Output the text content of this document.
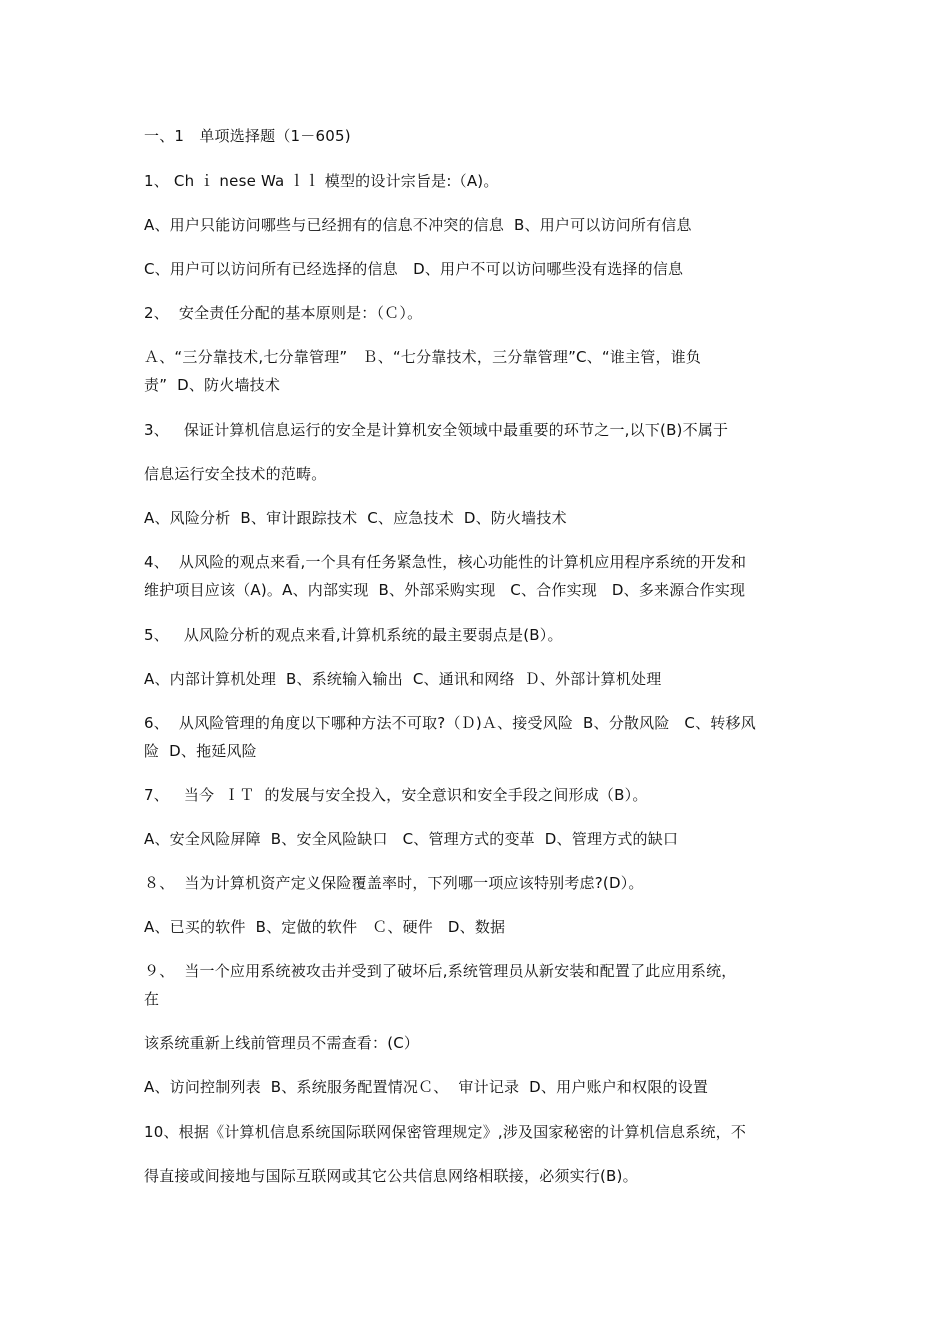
一、1　单项选择题（1－605)
1、 Ch ｉ nese Wa ｌｌ 模型的设计宗旨是:（A)。
A、用户只能访问哪些与已经拥有的信息不冲突的信息  B、用户可以访问所有信息
C、用户可以访问所有已经选择的信息　D、用户不可以访问哪些没有选择的信息
2、  安全责任分配的基本原则是：（Ｃ）。
Ａ、“三分靠技术,七分靠管理”　Ｂ、“七分靠技术，三分靠管理”C、“谁主管，谁负
责”  D、防火墙技术
3、   保证计算机信息运行的安全是计算机安全领域中最重要的环节之一,以下(B)不属于
信息运行安全技术的范畴。
A、风险分析  B、审计跟踪技术  C、应急技术  D、防火墙技术
4、  从风险的观点来看,一个具有任务紧急性，核心功能性的计算机应用程序系统的开发和
维护项目应该（A)。A、内部实现  B、外部采购实现   C、合作实现   D、多来源合作实现
5、   从风险分析的观点来看,计算机系统的最主要弱点是(B）。
A、内部计算机处理  B、系统输入输出  C、通讯和网络  Ｄ、外部计算机处理
6、  从风险管理的角度以下哪种方法不可取?（Ｄ)Ａ、接受风险  B、分散风险   C、转移风
险  D、拖延风险
7、   当今  ＩＴ  的发展与安全投入，安全意识和安全手段之间形成（B）。
A、安全风险屏障  B、安全风险缺口   C、管理方式的变革  D、管理方式的缺口
８、  当为计算机资产定义保险覆盖率时，下列哪一项应该特别考虑?(D）。
A、已买的软件  B、定做的软件   Ｃ、硬件   D、数据
９、  当一个应用系统被攻击并受到了破坏后,系统管理员从新安装和配置了此应用系统，
在
该系统重新上线前管理员不需查看：(C）
A、访问控制列表  B、系统服务配置情况Ｃ、  审计记录  D、用户账户和权限的设置
10、根据《计算机信息系统国际联网保密管理规定》,涉及国家秘密的计算机信息系统，不
得直接或间接地与国际互联网或其它公共信息网络相联接，必须实行(B)。
